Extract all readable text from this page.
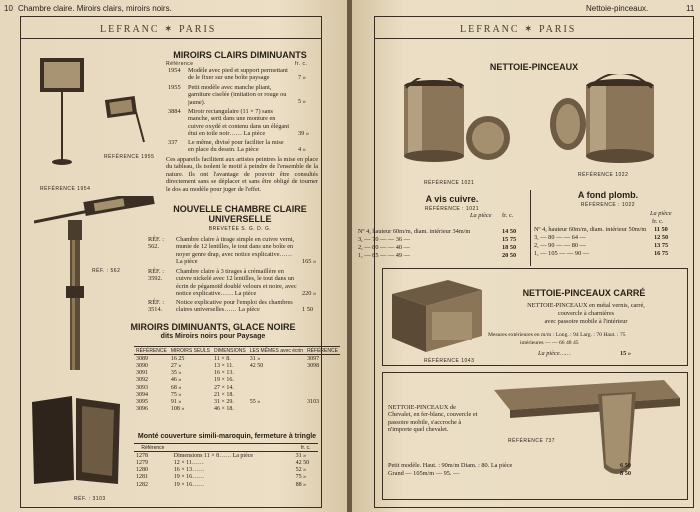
10 Chambre claire. Miroirs clairs, miroirs noirs.
LEFRANC ✶ PARIS
RÉFÉRENCE 1955
RÉFÉRENCE 1954
MIROIRS CLAIRS DIMINUANTS
Référence	fr. c.
1954 Modèle avec pied et support permettant de le fixer sur une boîte paysage	7 »
1955 Petit modèle avec manche pliant, garniture ciselée (imitation or rouge ou jaune).	5 »
3884 Miroir rectangulaire (11 × 7) sans manche, serti dans une monture en cuivre oxydé et contenu dans un élégant étui en toile noir…… La pièce	39 »
337 Le même, divisé pour faciliter la mise en place du dessin. La pièce	4 »
Ces appareils facilitent aux artistes peintres la mise en place du tableau, ils isolent le motif à peindre de l'ensemble de la nature. Ils ont l'avantage de pouvoir être consultés directement sans se déplacer et sans être obligé de tourner le dos au modèle pour juger de l'effet.
RÉF. : 562
NOUVELLE CHAMBRE CLAIRE
UNIVERSELLE
BREVETÉE S. G. D. G.
RÉF. : 562.
Chambre claire à tirage simple en cuivre verni, munie de 12 lentilles, le tout dans une boîte en noyer genre drap, avec notice explicative…… La pièce	165 »
RÉF. : 3592.
Chambre claire à 3 tirages à crémaillère en cuivre nickelé avec 12 lentilles, le tout dans un écrin de pégamoïd doublé velours et noire, avec notice explicative…… La pièce	220 »
RÉF. : 3514.
Notice explicative pour l'emploi des chambres claires universelles…… La pièce	1 50
MIROIRS DIMINUANTS, GLACE NOIRE
dits Miroirs noirs pour Paysage
RÉFÉRENCE	MIROIRS SEULS	DIMENSIONS	LES MÊMES avec écrin	RÉFÉRENCE
3089	16 25	11 × 8.	31 »	3097
3090	27 »	13 × 11.	42 50	3098
3091	35 »	16 × 13.		
3092	46 »	19 × 16.		
3093	68 »	27 × 14.		
3094	75 »	21 × 18.		
3095	91 »	31 × 29.	55 »	3103
3096	108 »	46 × 18.		
Monté couverture simili-maroquin, fermeture à tringle
Référence			fr. c.
1278	Dimensions 11 × 8…… La pièce		31 »
1279	12 × 11……		42 50
1280	16 × 13……		52 »
1281	19 × 16……		75 »
1282	19 × 16……		88 »
RÉF. : 3103
Nettoie-pinceaux.	11
LEFRANC ✶ PARIS
NETTOIE-PINCEAUX
RÉFÉRENCE 1021
RÉFÉRENCE 1022
A vis cuivre.
RÉFÉRENCE : 1021
A fond plomb.
RÉFÉRENCE : 1022
La pièce fr. c.	La pièce
fr. c.
Nº 4, hauteur 60m/m, diam. intérieur 34m/m	14 50
3, — 70 — — 36 —	15 75
2, — 80 — — 40 —	18 50
1, — 85 — — 49 —	20 50
Nº 4, hauteur 60m/m, diam. intérieur 50m/m	11 50
3, — 80 — — 64 —	12 50
2, — 90 — — 80 —	13 75
1, — 105 — — 90 —	16 75
RÉFÉRENCE 1043
NETTOIE-PINCEAUX CARRÉ
NETTOIE-PINCEAUX en métal vernis, carré,
couvercle à charnières
avec passoire mobile à l'intérieur
Mesures extérieures en m/m : Long. : 94 Larg. : 70 Haut. : 75
intérieures — — 66 48 45
La pièce……	15 »
NETTOIE-PINCEAUX de Chevalet, en fer-blanc, couvercle et passoire mobile, s'accroche à n'importe quel chevalet.
RÉFÉRENCE 737
Petit modèle. Haut. : 90m/m Diam. : 80. La pièce	6 50
Grand — 105m/m — 95. —	8 50
